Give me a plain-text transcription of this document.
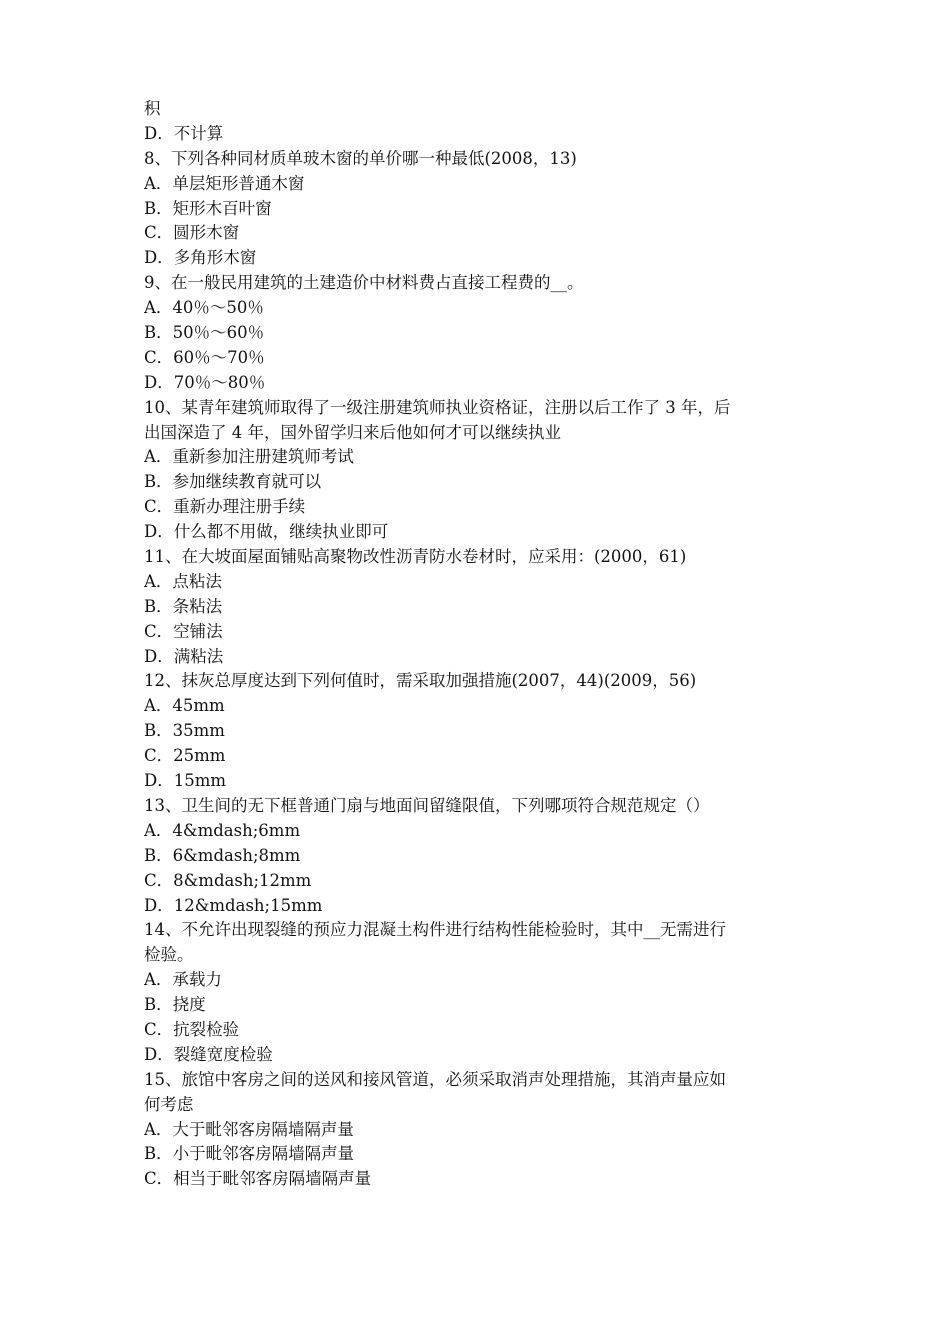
积
D．不计算
8、下列各种同材质单玻木窗的单价哪一种最低(2008，13)
A．单层矩形普通木窗
B．矩形木百叶窗
C．圆形木窗
D．多角形木窗
9、在一般民用建筑的土建造价中材料费占直接工程费的__。
A．40％～50％
B．50％～60％
C．60％～70％
D．70％～80％
10、某青年建筑师取得了一级注册建筑师执业资格证，注册以后工作了 3 年，后
出国深造了 4 年，国外留学归来后他如何才可以继续执业
A．重新参加注册建筑师考试
B．参加继续教育就可以
C．重新办理注册手续
D．什么都不用做，继续执业即可
11、在大坡面屋面铺贴高聚物改性沥青防水卷材时，应采用：(2000，61)
A．点粘法
B．条粘法
C．空铺法
D．满粘法
12、抹灰总厚度达到下列何值时，需采取加强措施(2007，44)(2009，56)
A．45mm
B．35mm
C．25mm
D．15mm
13、卫生间的无下框普通门扇与地面间留缝限值，下列哪项符合规范规定（）
A．4&mdash;6mm
B．6&mdash;8mm
C．8&mdash;12mm
D．12&mdash;15mm
14、不允许出现裂缝的预应力混凝土构件进行结构性能检验时，其中__无需进行
检验。
A．承载力
B．挠度
C．抗裂检验
D．裂缝宽度检验
15、旅馆中客房之间的送风和接风管道，必须采取消声处理措施，其消声量应如
何考虑
A．大于毗邻客房隔墙隔声量
B．小于毗邻客房隔墙隔声量
C．相当于毗邻客房隔墙隔声量
